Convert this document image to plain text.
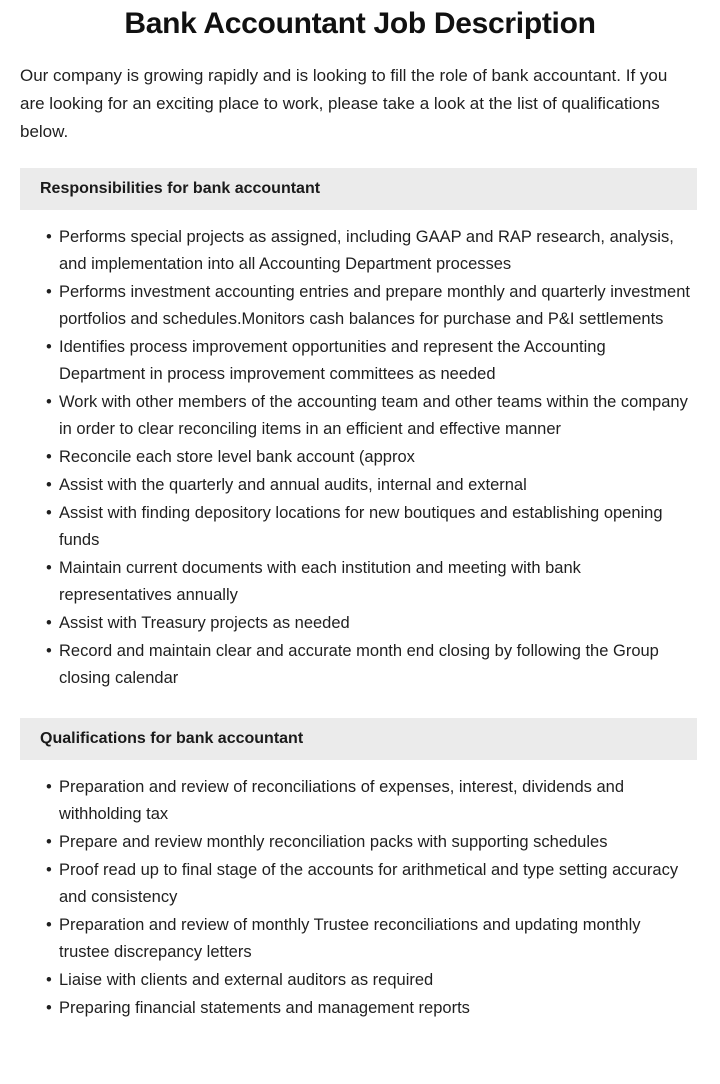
Bank Accountant Job Description

Our company is growing rapidly and is looking to fill the role of bank accountant. If you are looking for an exciting place to work, please take a look at the list of qualifications below.

Responsibilities for bank accountant
• Performs special projects as assigned, including GAAP and RAP research, analysis, and implementation into all Accounting Department processes
• Performs investment accounting entries and prepare monthly and quarterly investment portfolios and schedules.Monitors cash balances for purchase and P&I settlements
• Identifies process improvement opportunities and represent the Accounting Department in process improvement committees as needed
• Work with other members of the accounting team and other teams within the company in order to clear reconciling items in an efficient and effective manner
• Reconcile each store level bank account (approx
• Assist with the quarterly and annual audits, internal and external
• Assist with finding depository locations for new boutiques and establishing opening funds
• Maintain current documents with each institution and meeting with bank representatives annually
• Assist with Treasury projects as needed
• Record and maintain clear and accurate month end closing by following the Group closing calendar
Qualifications for bank accountant
• Preparation and review of reconciliations of expenses, interest, dividends and withholding tax
• Prepare and review monthly reconciliation packs with supporting schedules
• Proof read up to final stage of the accounts for arithmetical and type setting accuracy and consistency
• Preparation and review of monthly Trustee reconciliations and updating monthly trustee discrepancy letters
• Liaise with clients and external auditors as required
• Preparing financial statements and management reports
